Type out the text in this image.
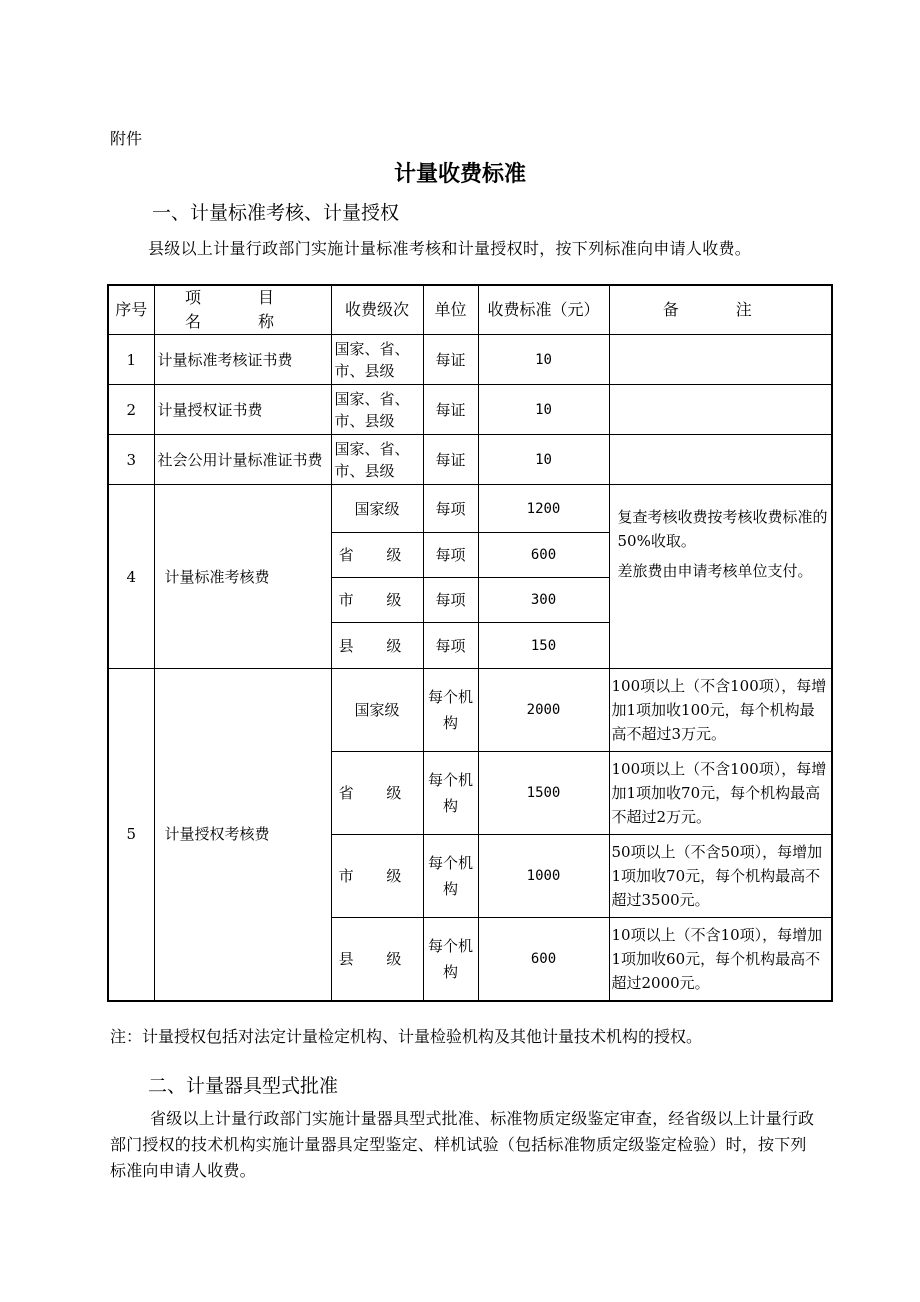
附件
计量收费标准
一、计量标准考核、计量授权
县级以上计量行政部门实施计量标准考核和计量授权时，按下列标准向申请人收费。
序号	项 目 名 称	收费级次	单位	收费标准（元）	备 注
1	计量标准考核证书费	国家、省、市、县级	每证	10	
2	计量授权证书费	国家、省、市、县级	每证	10	
3	社会公用计量标准证书费	国家、省、市、县级	每证	10	
4	计量标准考核费	国家级	每项	1200	复查考核收费按考核收费标准的50%收取。
差旅费由申请考核单位支付。

		省 级	每项	600	
		市 级	每项	300	
		县 级	每项	150	
5	计量授权考核费	国家级	每个机构	2000	100项以上（不含100项），每增加1项加收100元，每个机构最高不超过3万元。
		省 级	每个机构	1500	100项以上（不含100项），每增加1项加收70元，每个机构最高不超过2万元。
		市 级	每个机构	1000	50项以上（不含50项），每增加1项加收70元，每个机构最高不超过3500元。
		县 级	每个机构	600	10项以上（不含10项），每增加1项加收60元，每个机构最高不超过2000元。
注：计量授权包括对法定计量检定机构、计量检验机构及其他计量技术机构的授权。
二、计量器具型式批准
省级以上计量行政部门实施计量器具型式批准、标准物质定级鉴定审查，经省级以上计量行政部门授权的技术机构实施计量器具定型鉴定、样机试验（包括标准物质定级鉴定检验）时，按下列标准向申请人收费。
